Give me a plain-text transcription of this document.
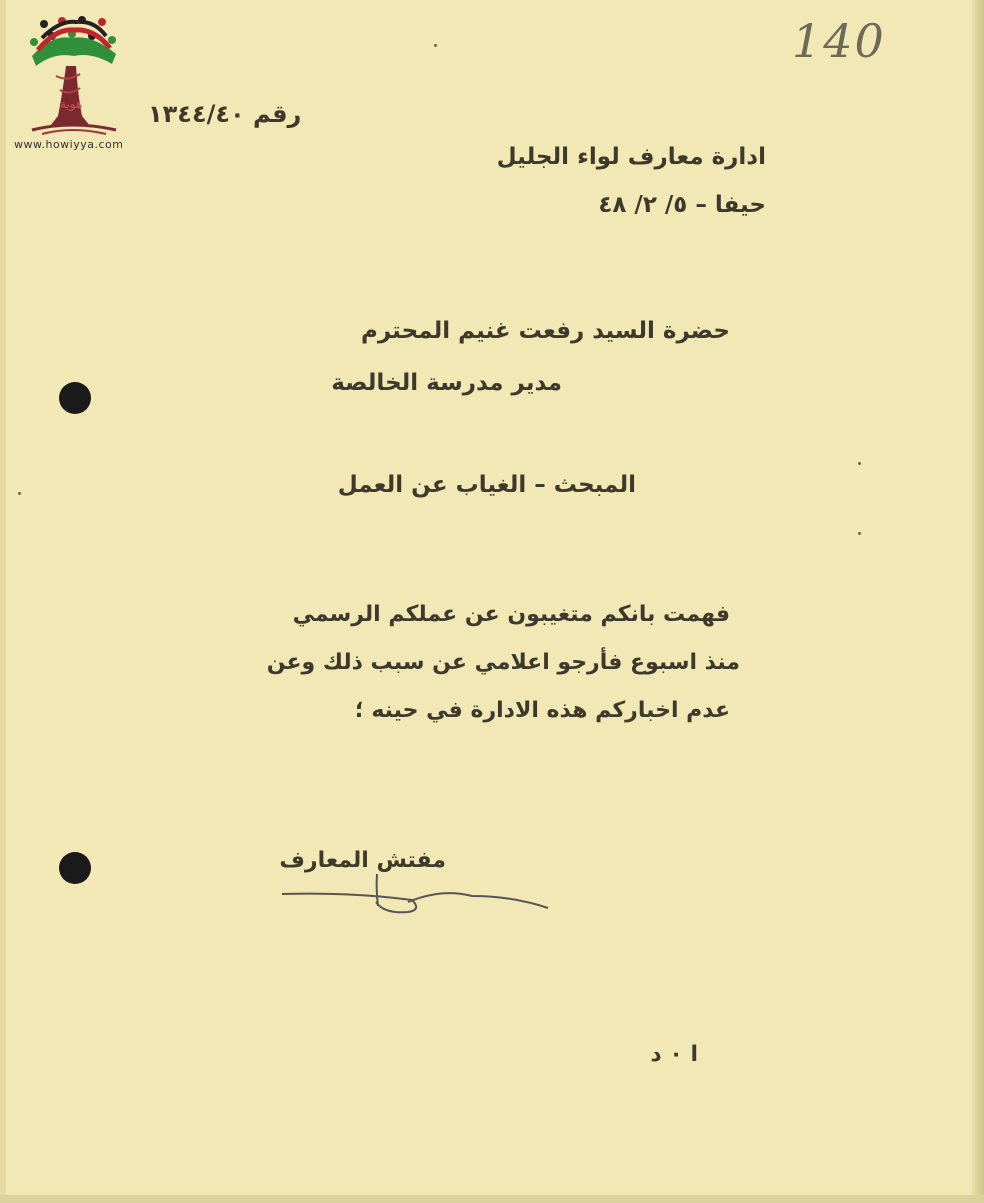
هوية
www.howiyya.com
140
رقم ١٣٤٤/٤٠
ادارة معارف لواء الجليل
حيفا – ٥/ ٢/ ٤٨
حضرة السيد رفعت غنيم المحترم
مدير مدرسة الخالصة
المبحث – الغياب عن العمل
فهمت بانكم متغيبون عن عملكم الرسمي
منذ اسبوع فأرجو اعلامي عن سبب ذلك وعن
عدم اخباركم هذه الادارة في حينه ؛
مفتش المعارف
ا ٠ د
